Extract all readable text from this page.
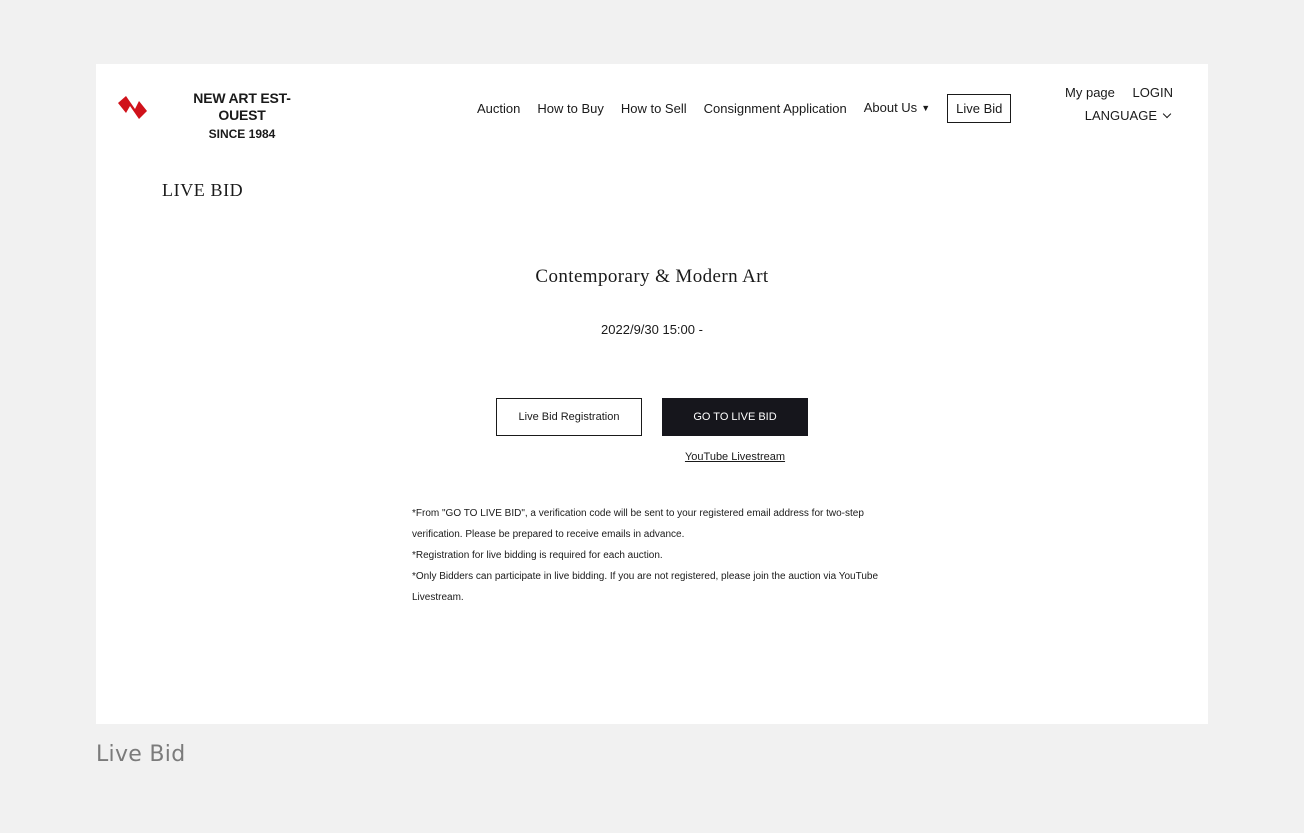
NEW ART EST-OUEST
SINCE 1984
Auction How to Buy How to Sell Consignment Application About Us ▼	Live Bid
My page LOGIN
LANGUAGE
LIVE BID
Contemporary & Modern Art
2022/9/30 15:00 -
Live Bid Registration	GO TO LIVE BID
YouTube Livestream

*From "GO TO LIVE BID", a verification code will be sent to your registered email address for two-step verification. Please be prepared to receive emails in advance.

*Registration for live bidding is required for each auction.

*Only Bidders can participate in live bidding. If you are not registered, please join the auction via YouTube Livestream.

Live Bid
